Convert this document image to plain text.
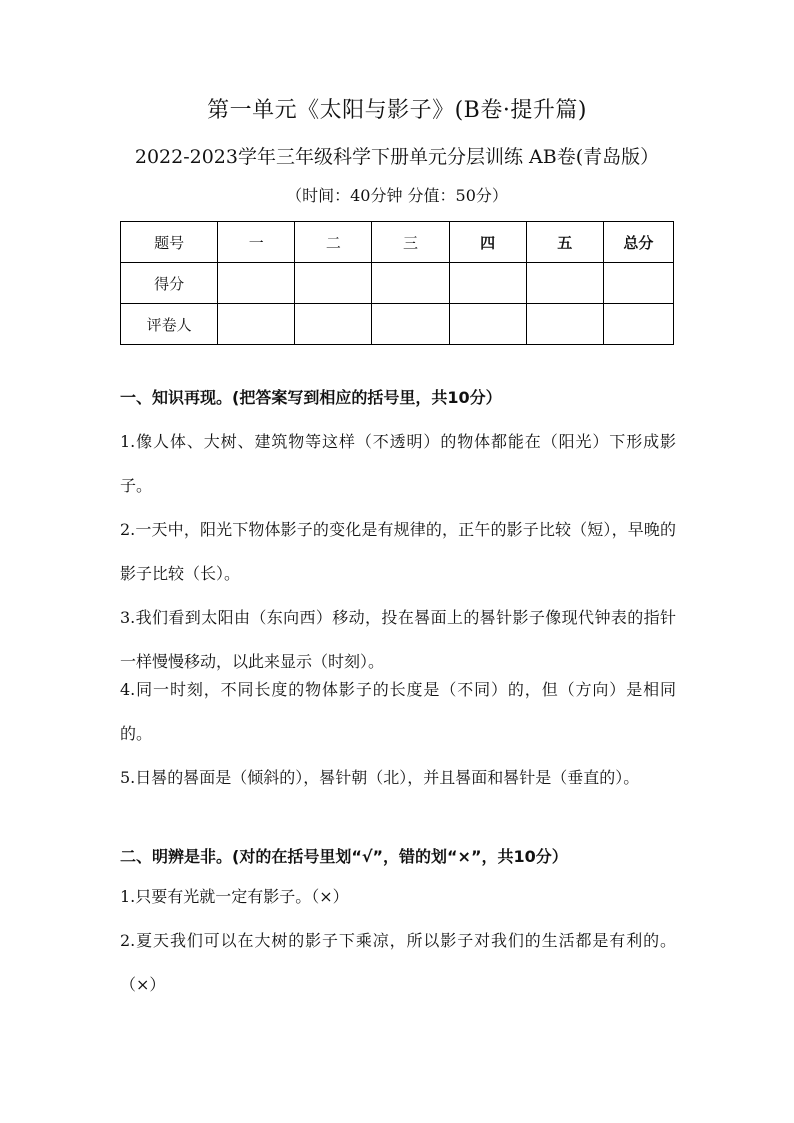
第一单元《太阳与影子》(B卷·提升篇)
2022-2023学年三年级科学下册单元分层训练 AB卷(青岛版）
（时间：40分钟 分值：50分）
题号	一	二	三	四	五	总分
得分						
评卷人						
一、知识再现。(把答案写到相应的括号里，共10分）
1.像人体、大树、建筑物等这样（不透明）的物体都能在（阳光）下形成影子。
2.一天中，阳光下物体影子的变化是有规律的，正午的影子比较（短），早晚的影子比较（长）。
3.我们看到太阳由（东向西）移动，投在晷面上的晷针影子像现代钟表的指针一样慢慢移动，以此来显示（时刻）。
4.同一时刻，不同长度的物体影子的长度是（不同）的，但（方向）是相同的。
5.日晷的晷面是（倾斜的），晷针朝（北），并且晷面和晷针是（垂直的）。
二、明辨是非。(对的在括号里划“√”，错的划“×”，共10分）
1.只要有光就一定有影子。（×）
2.夏天我们可以在大树的影子下乘凉，所以影子对我们的生活都是有利的。（×）
